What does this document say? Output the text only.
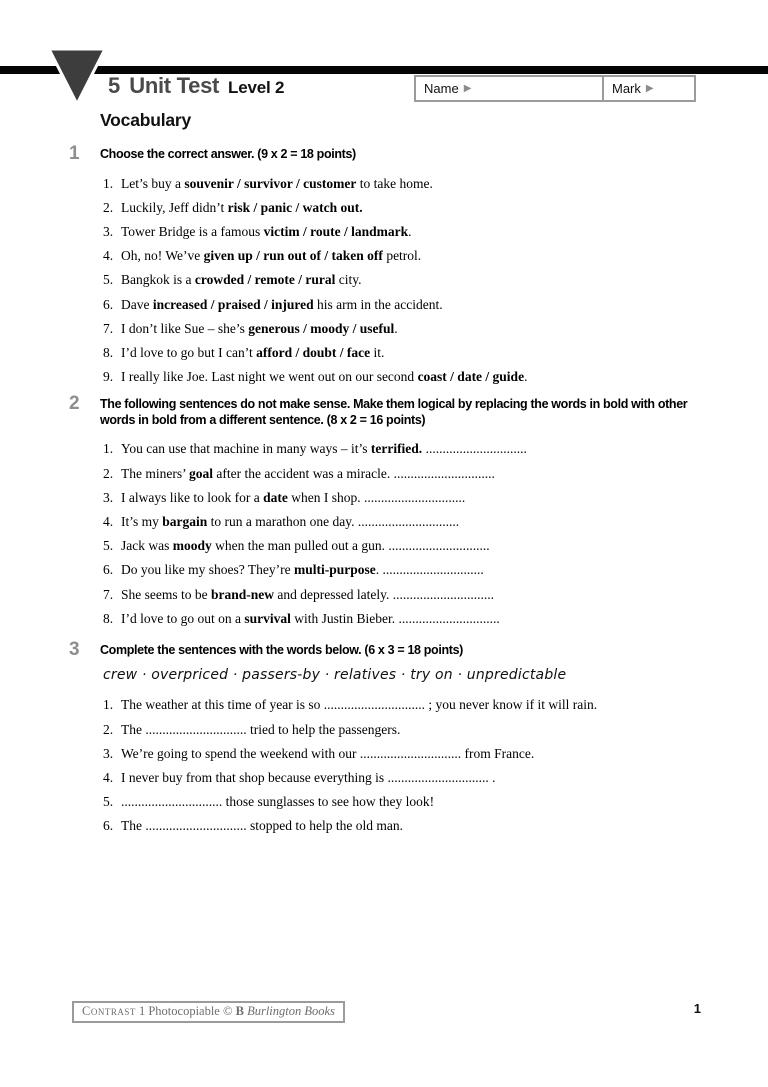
5 Unit Test Level 2	Name ▶	Mark ▶
Vocabulary
1 Choose the correct answer. (9 x 2 = 18 points)

1. Let’s buy a souvenir / survivor / customer to take home.
2. Luckily, Jeff didn’t risk / panic / watch out.
3. Tower Bridge is a famous victim / route / landmark.
4. Oh, no! We’ve given up / run out of / taken off petrol.
5. Bangkok is a crowded / remote / rural city.
6. Dave increased / praised / injured his arm in the accident.
7. I don’t like Sue – she’s generous / moody / useful.
8. I’d love to go but I can’t afford / doubt / face it.
9. I really like Joe. Last night we went out on our second coast / date / guide.
2 The following sentences do not make sense. Make them logical by replacing the words in bold with other words in bold from a different sentence. (8 x 2 = 16 points)

1. You can use that machine in many ways – it’s terrified. ..............................
2. The miners’ goal after the accident was a miracle. ..............................
3. I always like to look for a date when I shop. ..............................
4. It’s my bargain to run a marathon one day. ..............................
5. Jack was moody when the man pulled out a gun. ..............................
6. Do you like my shoes? They’re multi-purpose. ..............................
7. She seems to be brand-new and depressed lately. ..............................
8. I’d love to go out on a survival with Justin Bieber. ..............................
3 Complete the sentences with the words below. (6 x 3 = 18 points)

crew · overpriced · passers-by · relatives · try on · unpredictable

1. The weather at this time of year is so .............................. ; you never know if it will rain.
2. The .............................. tried to help the passengers.
3. We’re going to spend the weekend with our .............................. from France.
4. I never buy from that shop because everything is .............................. .
5. .............................. those sunglasses to see how they look!
6. The .............................. stopped to help the old man.
Contrast 1 Photocopiable © B Burlington Books	1
